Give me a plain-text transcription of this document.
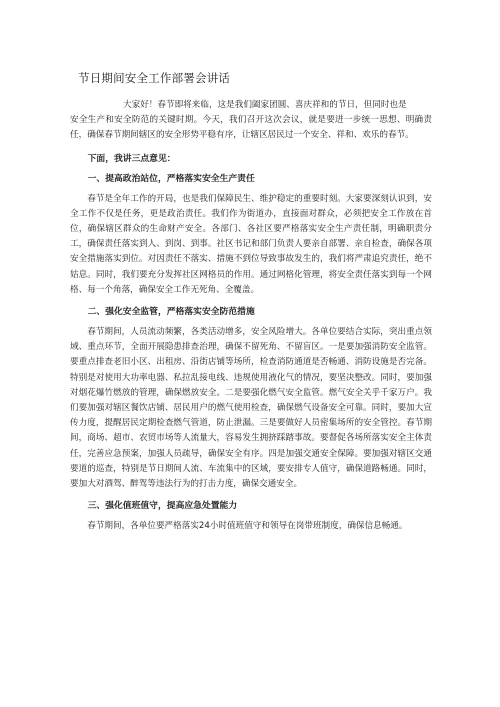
节日期间安全工作部署会讲话

大家好！春节即将来临，这是我们阖家团圆、喜庆祥和的节日，但同时也是

安全生产和安全防范的关键时期。今天，我们召开这次会议，就是要进一步统一思想、明确责任，确保春节期间辖区的安全形势平稳有序，让辖区居民过一个安全、祥和、欢乐的春节。

下面，我讲三点意见：
一、提高政治站位，严格落实安全生产责任

春节是全年工作的开局，也是我们保障民生、维护稳定的重要时刻。大家要深刻认识到，安全工作不仅是任务，更是政治责任。我们作为街道办，直接面对群众，必须把安全工作放在首位，确保辖区群众的生命财产安全。各部门、各社区要严格落实安全生产责任制，明确职责分工，确保责任落实到人、到岗、到事。社区书记和部门负责人要亲自部署、亲自检查，确保各项安全措施落实到位。对因责任不落实、措施不到位导致事故发生的，我们将严肃追究责任，绝不姑息。同时，我们要充分发挥社区网格员的作用。通过网格化管理，将安全责任落实到每一个网格、每一个角落，确保安全工作无死角、全覆盖。

二、强化安全监管，严格落实安全防范措施

春节期间，人员流动频繁，各类活动增多，安全风险增大。各单位要结合实际，突出重点领域、重点环节，全面开展隐患排查治理，确保不留死角、不留盲区。一是要加强消防安全监管。要重点排查老旧小区、出租房、沿街店铺等场所，检查消防通道是否畅通、消防设施是否完备。特别是对使用大功率电器、私拉乱接电线、违规使用液化气的情况，要坚决整改。同时，要加强对烟花爆竹燃放的管理，确保燃放安全。二是要强化燃气安全监管。燃气安全关乎千家万户。我们要加强对辖区餐饮店铺、居民用户的燃气使用检查，确保燃气设备安全可靠。同时，要加大宣传力度，提醒居民定期检查燃气管道，防止泄漏。三是要做好人员密集场所的安全管控。春节期间，商场、超市、农贸市场等人流量大，容易发生拥挤踩踏事故。要督促各场所落实安全主体责任，完善应急预案，加强人员疏导，确保安全有序。四是加强交通安全保障。要加强对辖区交通要道的巡查，特别是节日期间人流、车流集中的区域，要安排专人值守，确保道路畅通。同时，要加大对酒驾、醉驾等违法行为的打击力度，确保交通安全。

三、强化值班值守，提高应急处置能力

春节期间，各单位要严格落实24小时值班值守和领导在岗带班制度，确保信息畅通。
